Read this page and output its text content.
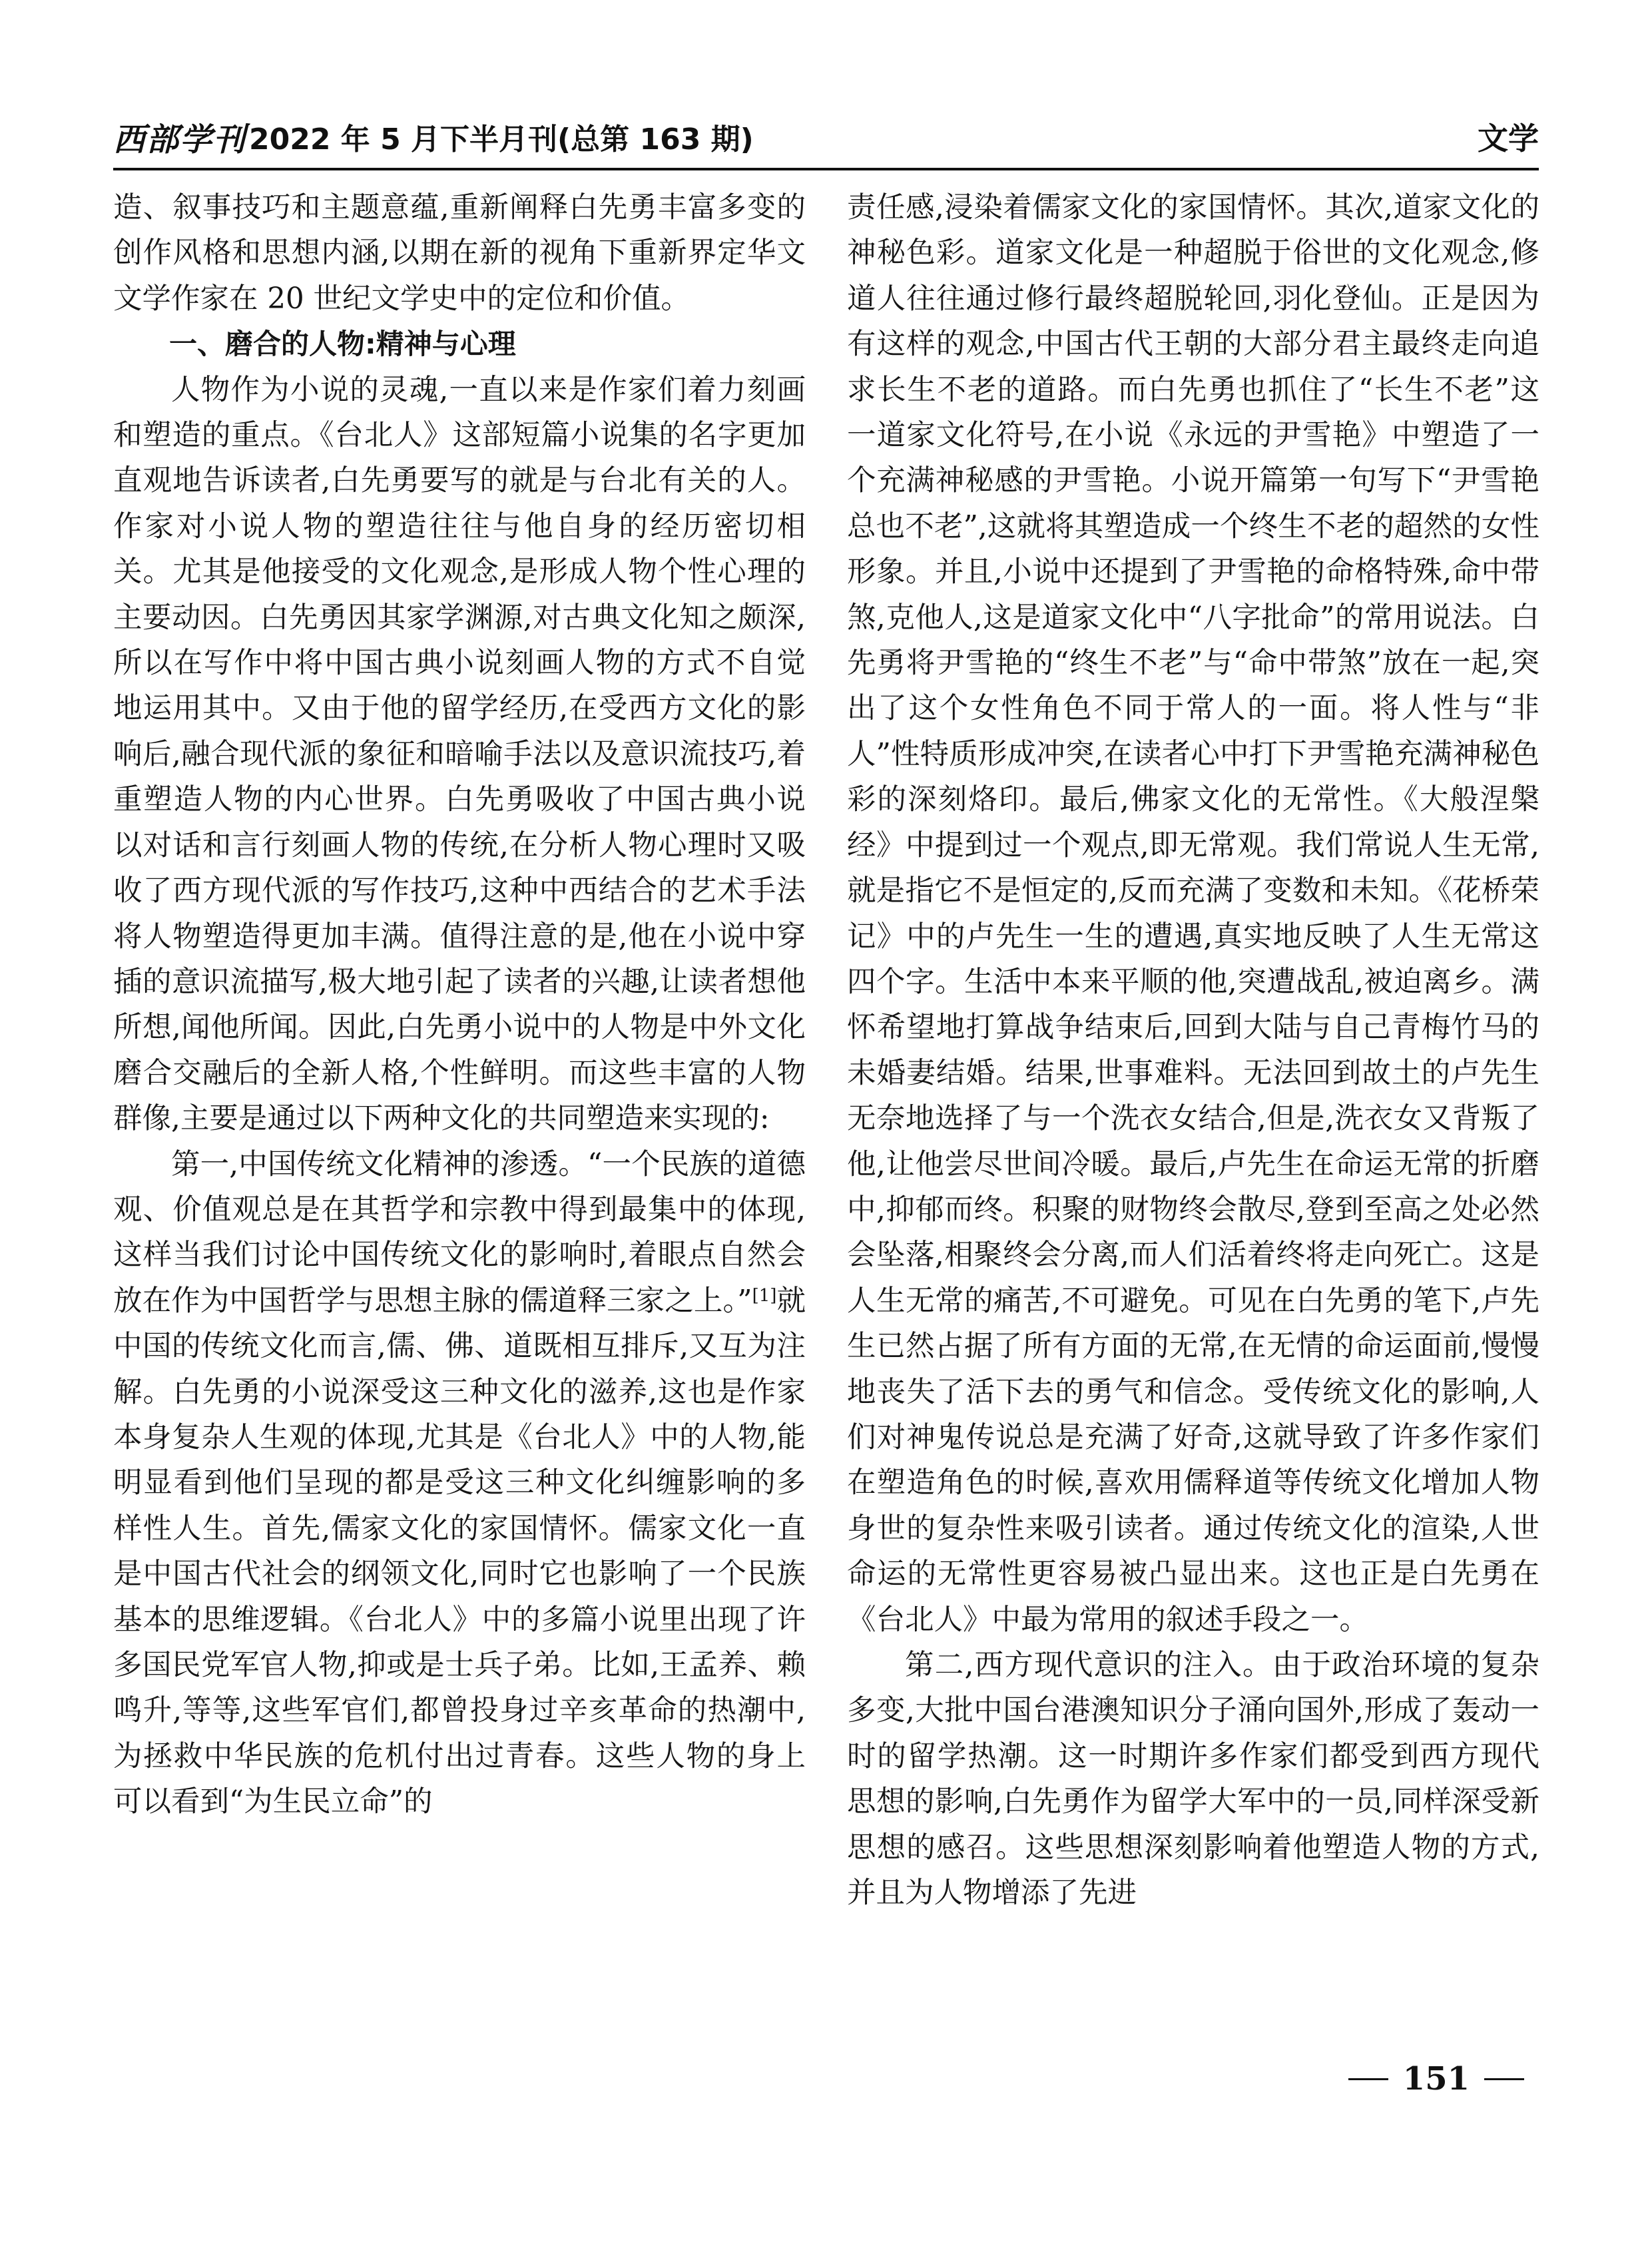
西部学刊 2022 年 5 月下半月刊(总第 163 期)	文学

造、叙事技巧和主题意蕴,重新阐释白先勇丰富多变的创作风格和思想内涵,以期在新的视角下重新界定华文文学作家在 20 世纪文学史中的定位和价值。

一、磨合的人物:精神与心理

人物作为小说的灵魂,一直以来是作家们着力刻画和塑造的重点。《台北人》这部短篇小说集的名字更加直观地告诉读者,白先勇要写的就是与台北有关的人。作家对小说人物的塑造往往与他自身的经历密切相关。尤其是他接受的文化观念,是形成人物个性心理的主要动因。白先勇因其家学渊源,对古典文化知之颇深,所以在写作中将中国古典小说刻画人物的方式不自觉地运用其中。又由于他的留学经历,在受西方文化的影响后,融合现代派的象征和暗喻手法以及意识流技巧,着重塑造人物的内心世界。白先勇吸收了中国古典小说以对话和言行刻画人物的传统,在分析人物心理时又吸收了西方现代派的写作技巧,这种中西结合的艺术手法将人物塑造得更加丰满。值得注意的是,他在小说中穿插的意识流描写,极大地引起了读者的兴趣,让读者想他所想,闻他所闻。因此,白先勇小说中的人物是中外文化磨合交融后的全新人格,个性鲜明。而这些丰富的人物群像,主要是通过以下两种文化的共同塑造来实现的:

第一,中国传统文化精神的渗透。“一个民族的道德观、价值观总是在其哲学和宗教中得到最集中的体现,这样当我们讨论中国传统文化的影响时,着眼点自然会放在作为中国哲学与思想主脉的儒道释三家之上。”[1]就中国的传统文化而言,儒、佛、道既相互排斥,又互为注解。白先勇的小说深受这三种文化的滋养,这也是作家本身复杂人生观的体现,尤其是《台北人》中的人物,能明显看到他们呈现的都是受这三种文化纠缠影响的多样性人生。首先,儒家文化的家国情怀。儒家文化一直是中国古代社会的纲领文化,同时它也影响了一个民族基本的思维逻辑。《台北人》中的多篇小说里出现了许多国民党军官人物,抑或是士兵子弟。比如,王孟养、赖鸣升,等等,这些军官们,都曾投身过辛亥革命的热潮中,为拯救中华民族的危机付出过青春。这些人物的身上可以看到“为生民立命”的

责任感,浸染着儒家文化的家国情怀。其次,道家文化的神秘色彩。道家文化是一种超脱于俗世的文化观念,修道人往往通过修行最终超脱轮回,羽化登仙。正是因为有这样的观念,中国古代王朝的大部分君主最终走向追求长生不老的道路。而白先勇也抓住了“长生不老”这一道家文化符号,在小说《永远的尹雪艳》中塑造了一个充满神秘感的尹雪艳。小说开篇第一句写下“尹雪艳总也不老”,这就将其塑造成一个终生不老的超然的女性形象。并且,小说中还提到了尹雪艳的命格特殊,命中带煞,克他人,这是道家文化中“八字批命”的常用说法。白先勇将尹雪艳的“终生不老”与“命中带煞”放在一起,突出了这个女性角色不同于常人的一面。将人性与“非人”性特质形成冲突,在读者心中打下尹雪艳充满神秘色彩的深刻烙印。最后,佛家文化的无常性。《大般涅槃经》中提到过一个观点,即无常观。我们常说人生无常,就是指它不是恒定的,反而充满了变数和未知。《花桥荣记》中的卢先生一生的遭遇,真实地反映了人生无常这四个字。生活中本来平顺的他,突遭战乱,被迫离乡。满怀希望地打算战争结束后,回到大陆与自己青梅竹马的未婚妻结婚。结果,世事难料。无法回到故土的卢先生无奈地选择了与一个洗衣女结合,但是,洗衣女又背叛了他,让他尝尽世间冷暖。最后,卢先生在命运无常的折磨中,抑郁而终。积聚的财物终会散尽,登到至高之处必然会坠落,相聚终会分离,而人们活着终将走向死亡。这是人生无常的痛苦,不可避免。可见在白先勇的笔下,卢先生已然占据了所有方面的无常,在无情的命运面前,慢慢地丧失了活下去的勇气和信念。受传统文化的影响,人们对神鬼传说总是充满了好奇,这就导致了许多作家们在塑造角色的时候,喜欢用儒释道等传统文化增加人物身世的复杂性来吸引读者。通过传统文化的渲染,人世命运的无常性更容易被凸显出来。这也正是白先勇在《台北人》中最为常用的叙述手段之一。

第二,西方现代意识的注入。由于政治环境的复杂多变,大批中国台港澳知识分子涌向国外,形成了轰动一时的留学热潮。这一时期许多作家们都受到西方现代思想的影响,白先勇作为留学大军中的一员,同样深受新思想的感召。这些思想深刻影响着他塑造人物的方式,并且为人物增添了先进

151
